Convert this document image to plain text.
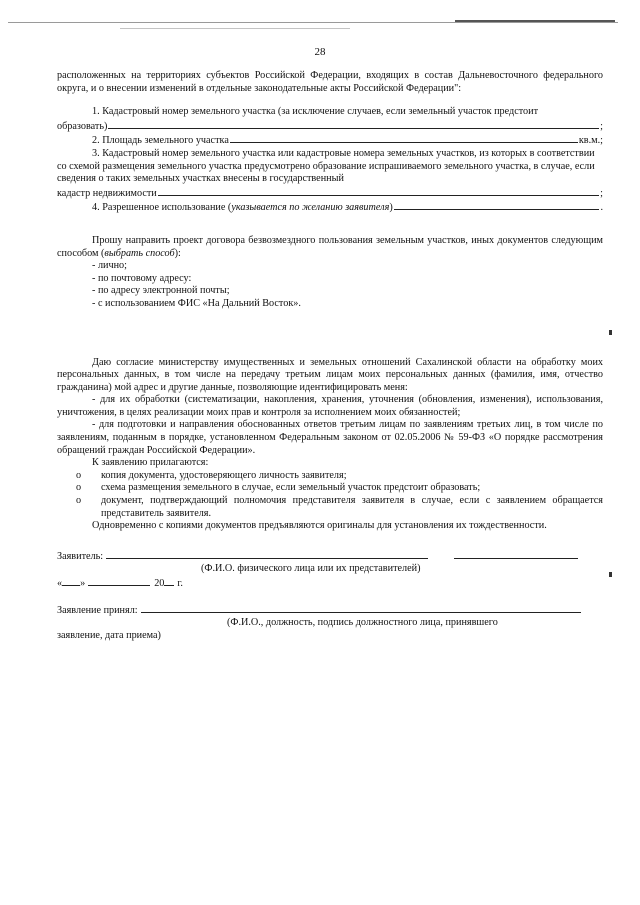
28

расположенных на территориях субъектов Российской Федерации, входящих в состав Дальневосточного федерального округа, и о внесении изменений в отдельные законодательные акты Российской Федерации":

1. Кадастровый номер земельного участка (за исключение случаев, если земельный участок предстоит

образовать)	;
2. Площадь земельного участка	кв.м.;

3. Кадастровый номер земельного участка или кадастровые номера земельных участков, из которых в соответствии со схемой размещения земельного участка предусмотрено образование испрашиваемого земельного участка, в случае, если сведения о таких земельных участках внесены в государственный

кадастр недвижимости	;
4. Разрешенное использование ( указывается по желанию заявителя )	.

Прошу направить проект договора безвозмездного пользования земельным участков, иных документов следующим способом (выбрать способ):

- лично;

- по почтовому адресу:

- по адресу электронной почты;

- с использованием ФИС «На Дальний Восток».

Даю согласие министерству имущественных и земельных отношений Сахалинской области на обработку моих персональных данных, в том числе на передачу третьим лицам моих персональных данных (фамилия, имя, отчество гражданина) мой адрес и другие данные, позволяющие идентифицировать меня:

- для их обработки (систематизации, накопления, хранения, уточнения (обновления, изменения), использования, уничтожения, в целях реализации моих прав и контроля за исполнением моих обязанностей;

- для подготовки и направления обоснованных ответов третьим лицам по заявлениям третьих лиц, в том числе по заявлениям, поданным в порядке, установленном Федеральным законом от 02.05.2006 № 59-ФЗ «О порядке рассмотрения обращений граждан Российской Федерации».

К заявлению прилагаются:

o	копия документа, удостоверяющего личность заявителя;
o	схема размещения земельного в случае, если земельный участок предстоит образовать;
o	документ, подтверждающий полномочия представителя заявителя в случае, если с заявлением обращается представитель заявителя.

Одновременно с копиями документов предъявляются оригиналы для установления их тождественности.

Заявитель:

(Ф.И.О. физического лица или их представителей)

« »	20 г.
Заявление принял:

(Ф.И.О., должность, подпись должностного лица, принявшего

заявление, дата приема)
